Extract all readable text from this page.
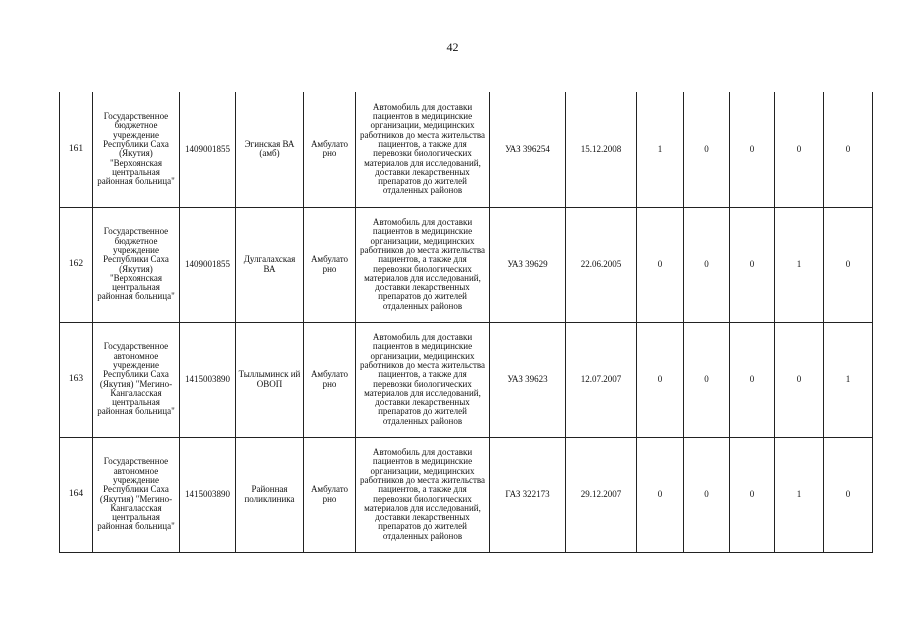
42
161	Государственное бюджетное учреждение Республики Саха (Якутия) "Верхоянская центральная районная больница"	1409001855	Эгинская ВА (амб)	Амбулато рно	Автомобиль для доставки пациентов в медицинские организации, медицинских работников до места жительства пациентов, а также для перевозки биологических материалов для исследований, доставки лекарственных препаратов до жителей отдаленных районов	УАЗ 396254	15.12.2008	1	0	0	0	0
162	Государственное бюджетное учреждение Республики Саха (Якутия) "Верхоянская центральная районная больница"	1409001855	Дулгалахская ВА	Амбулато рно	Автомобиль для доставки пациентов в медицинские организации, медицинских работников до места жительства пациентов, а также для перевозки биологических материалов для исследований, доставки лекарственных препаратов до жителей отдаленных районов	УАЗ 39629	22.06.2005	0	0	0	1	0
163	Государственное автономное учреждение Республики Саха (Якутия) "Мегино-Кангаласская центральная районная больница"	1415003890	Тыллыминск ий ОВОП	Амбулато рно	Автомобиль для доставки пациентов в медицинские организации, медицинских работников до места жительства пациентов, а также для перевозки биологических материалов для исследований, доставки лекарственных препаратов до жителей отдаленных районов	УАЗ 39623	12.07.2007	0	0	0	0	1
164	Государственное автономное учреждение Республики Саха (Якутия) "Мегино-Кангаласская центральная районная больница"	1415003890	Районная поликлиника	Амбулато рно	Автомобиль для доставки пациентов в медицинские организации, медицинских работников до места жительства пациентов, а также для перевозки биологических материалов для исследований, доставки лекарственных препаратов до жителей отдаленных районов	ГАЗ 322173	29.12.2007	0	0	0	1	0
